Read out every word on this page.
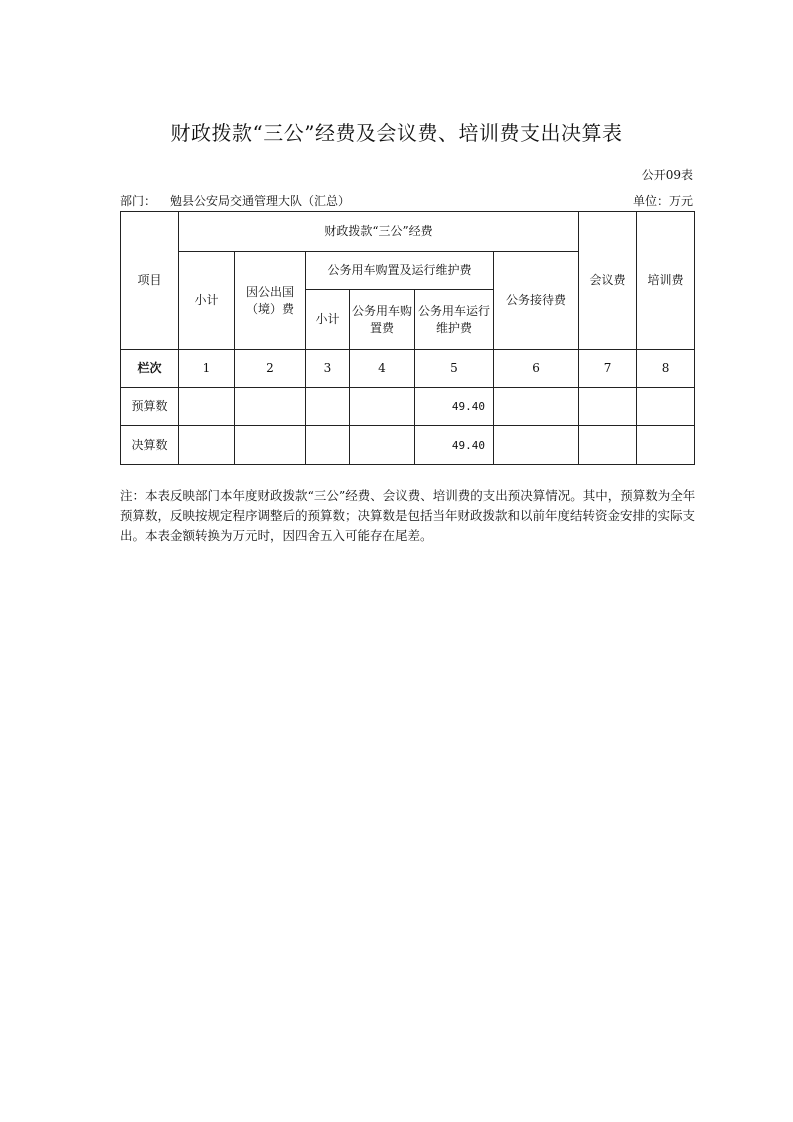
财政拨款“三公”经费及会议费、培训费支出决算表
公开09表
部门： 勉县公安局交通管理大队（汇总）	单位：万元
项目	财政拨款“三公”经费						会议费	培训费
	小计	因公出国（境）费	公务用车购置及运行维护费			公务接待费		
			小计	公务用车购置费	公务用车运行维护费			
栏次	1	2	3	4	5	6	7	8
预算数					49.40			
决算数					49.40			
注：本表反映部门本年度财政拨款“三公”经费、会议费、培训费的支出预决算情况。其中，预算数为全年预算数，反映按规定程序调整后的预算数；决算数是包括当年财政拨款和以前年度结转资金安排的实际支出。本表金额转换为万元时，因四舍五入可能存在尾差。
